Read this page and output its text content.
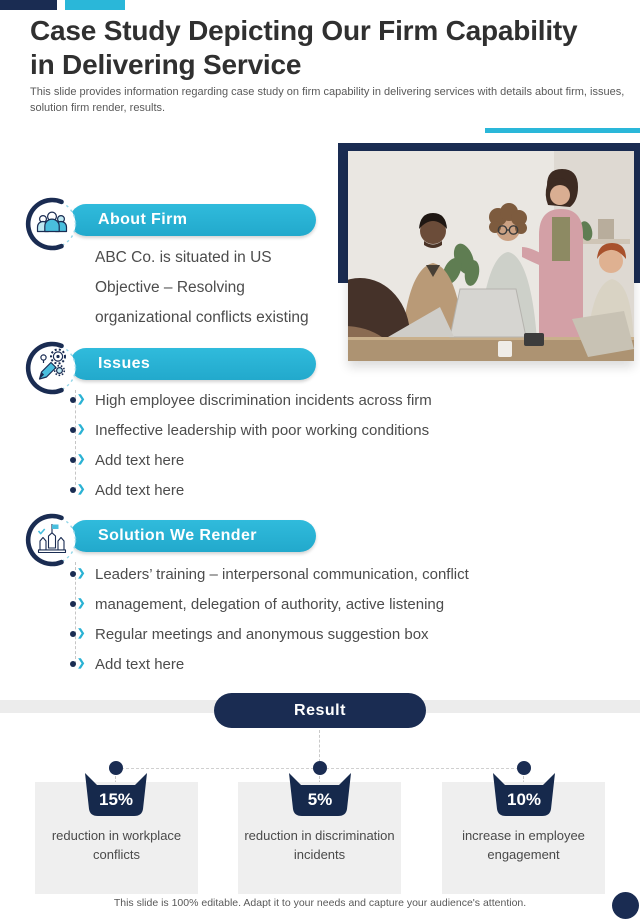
Case Study Depicting Our Firm Capability
in Delivering Service

This slide provides information regarding case study on firm capability in delivering services with details about firm, issues, solution firm render, results.

About Firm
ABC Co. is situated in US
Objective – Resolving
organizational conflicts existing
Issues
❯ High employee discrimination incidents across firm
❯ Ineffective leadership with poor working conditions
❯ Add text here
❯ Add text here
Solution We Render
❯ Leaders’ training – interpersonal communication, conflict
❯ management, delegation of authority, active listening
❯ Regular meetings and anonymous suggestion box
❯ Add text here
Result
reduction in workplace conflicts
reduction in discrimination incidents
increase in employee engagement
15%	5%	10%
This slide is 100% editable. Adapt it to your needs and capture your audience's attention.
